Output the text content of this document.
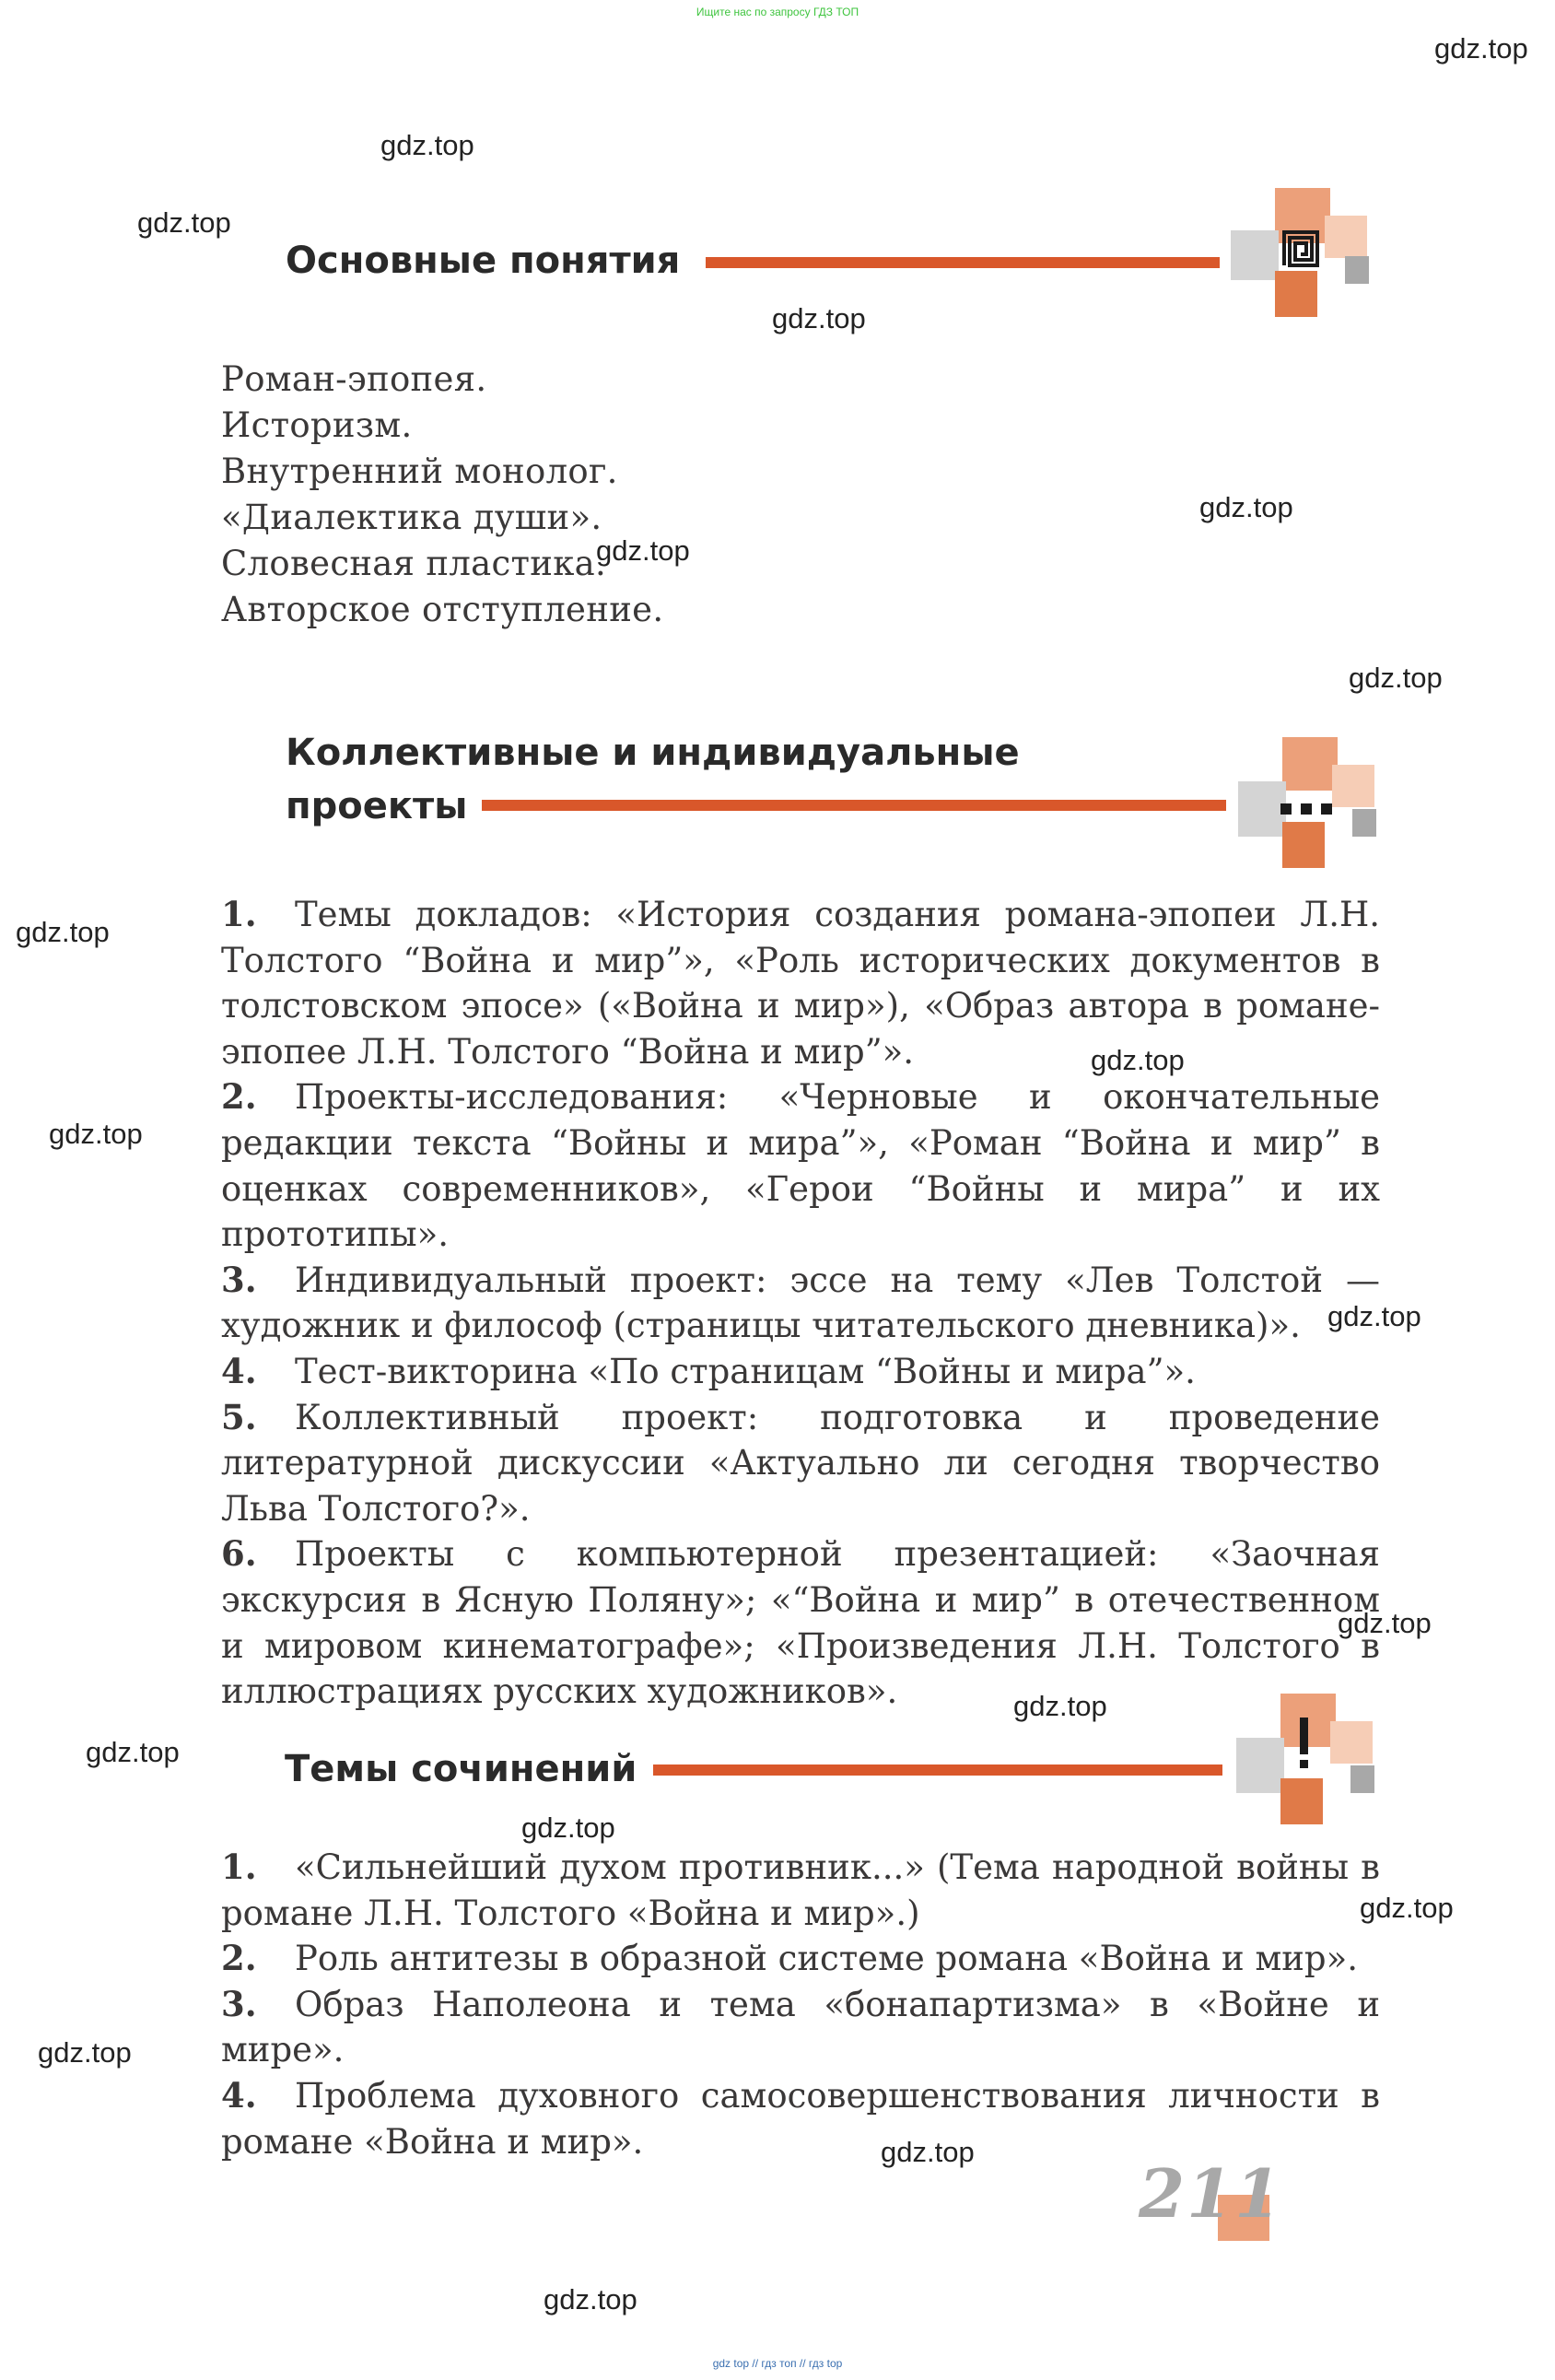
Ищите нас по запросу ГДЗ ТОП
gdz top // гдз топ // гдз top
gdz.top
gdz.top
gdz.top
gdz.top
gdz.top
gdz.top
gdz.top
gdz.top
gdz.top
gdz.top
gdz.top
gdz.top
gdz.top
gdz.top
gdz.top
gdz.top
gdz.top
gdz.top
gdz.top
Основные понятия
Роман-эпопея.
Историзм.
Внутренний монолог.
«Диалектика души».
Словесная пластика.
Авторское отступление.
Коллективные и индивидуальные
проекты
1. Темы докладов: «История создания романа-эпопеи Л.Н. Толстого “Война и мир”», «Роль исторических документов в толстовском эпосе» («Война и мир»), «Образ автора в романе-эпопее Л.Н. Толстого “Война и мир”».
2. Проекты-исследования: «Черновые и окончательные редакции текста “Войны и мира”», «Роман “Война и мир” в оценках современников», «Герои “Войны и мира” и их прототипы».
3. Индивидуальный проект: эссе на тему «Лев Толстой — художник и философ (страницы читательского дневника)».
4. Тест-викторина «По страницам “Войны и мира”».
5. Коллективный проект: подготовка и проведение литературной дискуссии «Актуально ли сегодня творчество Льва Толстого?».
6. Проекты с компьютерной презентацией: «Заочная экскурсия в Ясную Поляну»; «“Война и мир” в отечественном и мировом кинематографе»; «Произведения Л.Н. Толстого в иллюстрациях русских художников».
Темы сочинений
1. «Сильнейший духом противник...» (Тема народной войны в романе Л.Н. Толстого «Война и мир».)
2. Роль антитезы в образной системе романа «Война и мир».
3. Образ Наполеона и тема «бонапартизма» в «Войне и мире».
4. Проблема духовного самосовершенствования личности в романе «Война и мир».
211
